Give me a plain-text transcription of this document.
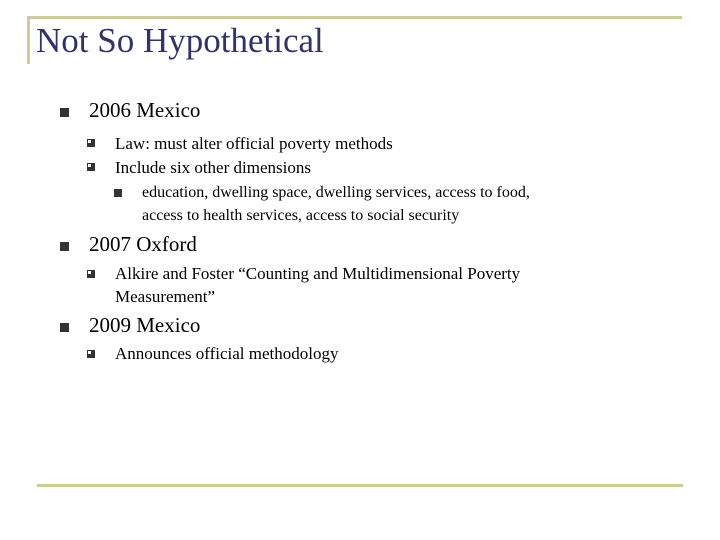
Not So Hypothetical
2006 Mexico
Law: must alter official poverty methods
Include six other dimensions
education, dwelling space, dwelling services, access to food,
access to health services, access to social security
2007 Oxford
Alkire and Foster “Counting and Multidimensional Poverty
Measurement”
2009 Mexico
Announces official methodology
